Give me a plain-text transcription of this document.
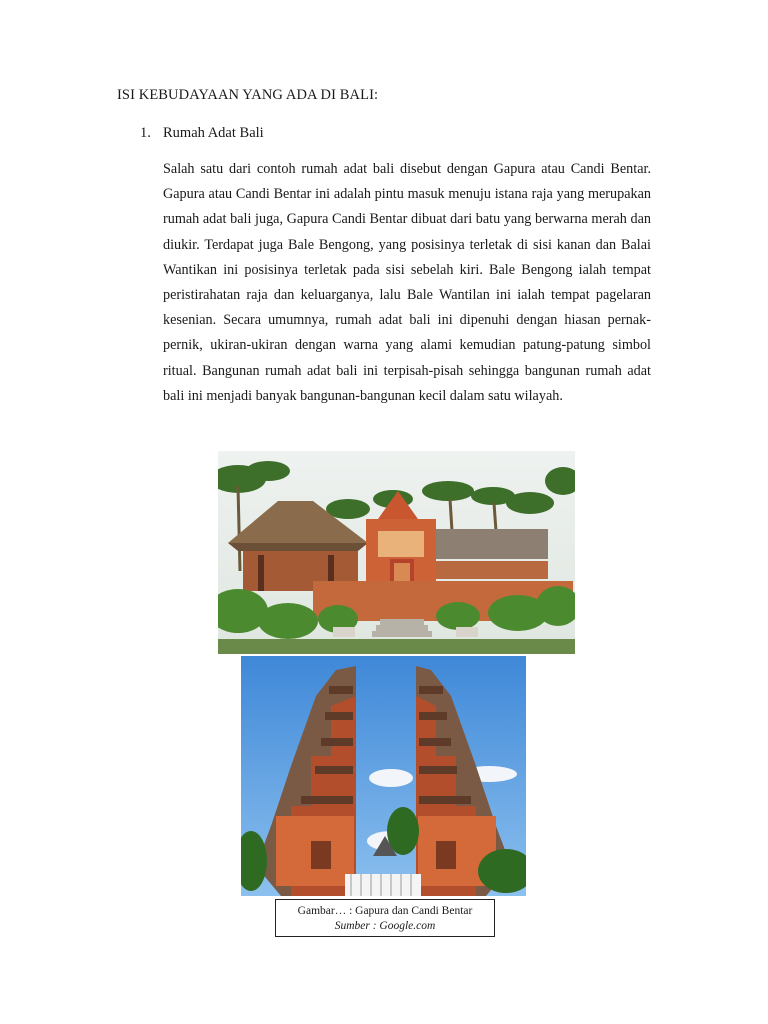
ISI KEBUDAYAAN YANG ADA DI BALI:
1. Rumah Adat Bali
Salah satu dari contoh rumah adat bali disebut dengan Gapura atau Candi Bentar. Gapura atau Candi Bentar ini adalah pintu masuk menuju istana raja yang merupakan rumah adat bali juga, Gapura Candi Bentar dibuat dari batu yang berwarna merah dan diukir. Terdapat juga Bale Bengong, yang posisinya terletak di sisi kanan dan Balai Wantikan ini posisinya terletak pada sisi sebelah kiri. Bale Bengong ialah tempat peristirahatan raja dan keluarganya, lalu Bale Wantilan ini ialah tempat pagelaran kesenian. Secara umumnya, rumah adat bali ini dipenuhi dengan hiasan pernak-pernik, ukiran-ukiran dengan warna yang alami kemudian patung-patung simbol ritual. Bangunan rumah adat bali ini terpisah-pisah sehingga bangunan rumah adat bali ini menjadi banyak bangunan-bangunan kecil dalam satu wilayah.
Gambar… : Gapura dan Candi Bentar
Sumber : Google.com
